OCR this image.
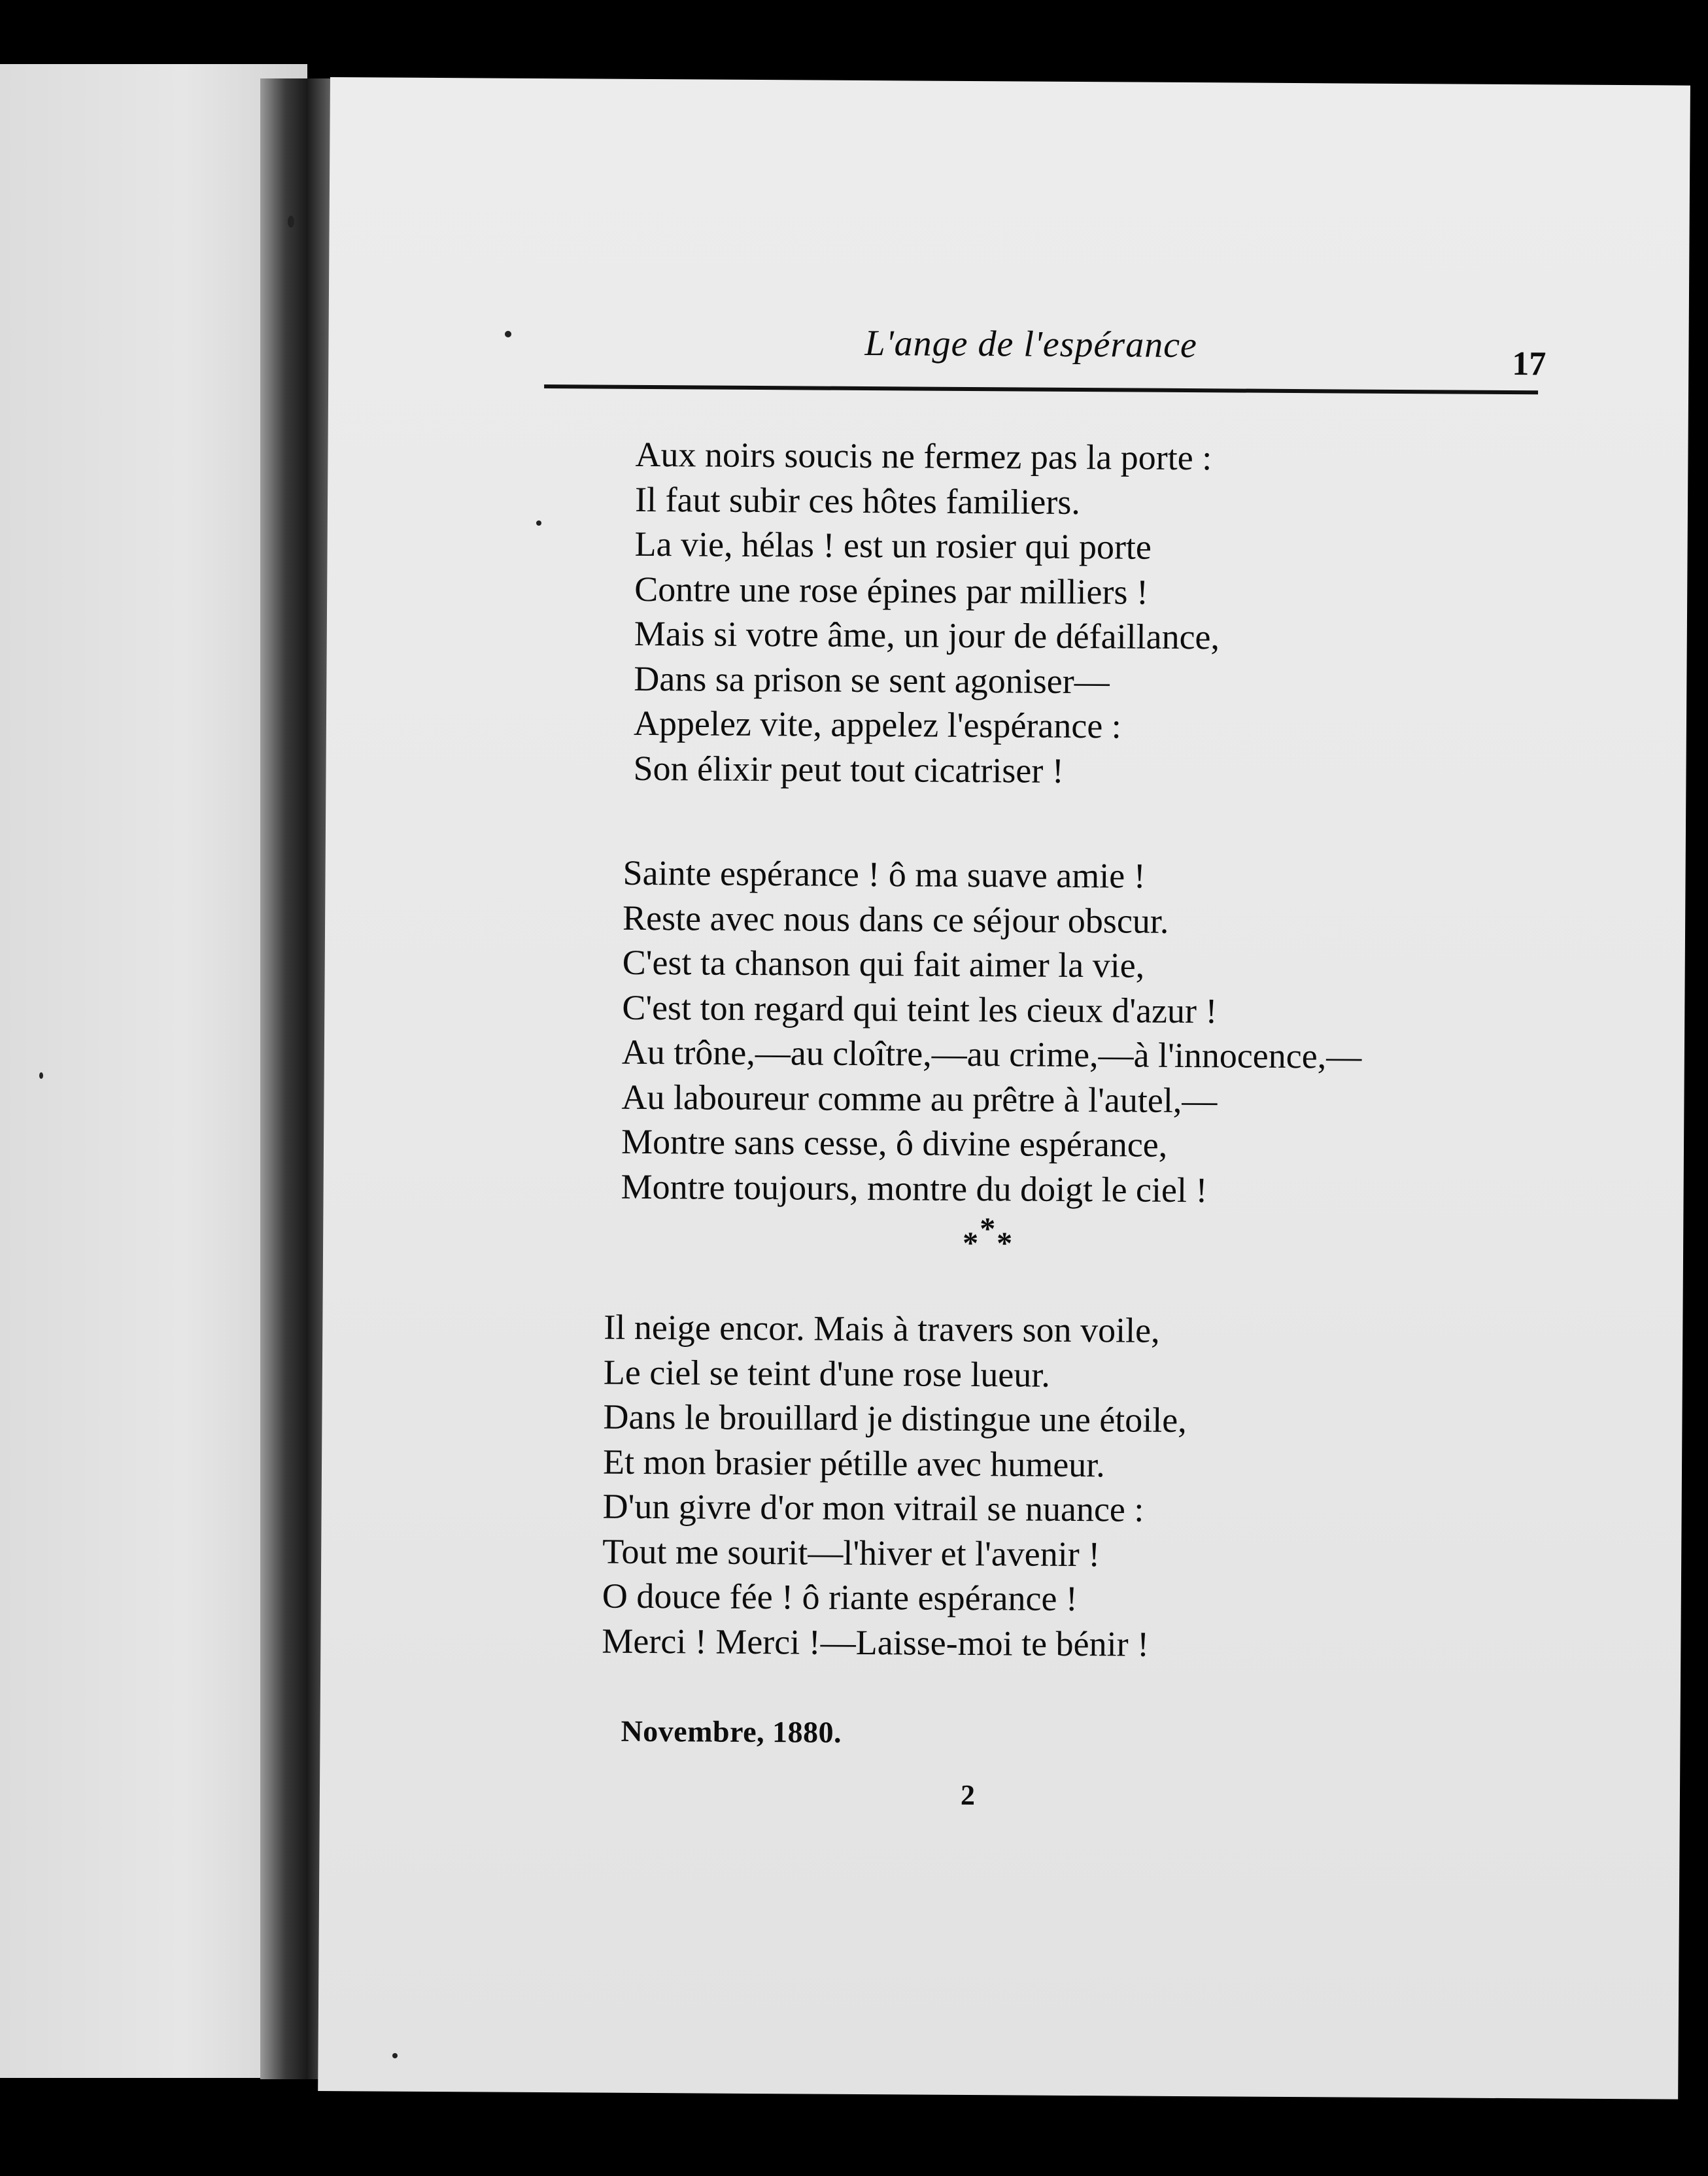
L'ange de l'espérance	17
Aux noirs soucis ne fermez pas la porte :
Il faut subir ces hôtes familiers.
La vie, hélas ! est un rosier qui porte
Contre une rose épines par milliers !
Mais si votre âme, un jour de défaillance,
Dans sa prison se sent agoniser—
Appelez vite, appelez l'espérance :
Son élixir peut tout cicatriser !
Sainte espérance ! ô ma suave amie !
Reste avec nous dans ce séjour obscur.
C'est ta chanson qui fait aimer la vie,
C'est ton regard qui teint les cieux d'azur !
Au trône,—au cloître,—au crime,—à l'innocence,—
Au laboureur comme au prêtre à l'autel,—
Montre sans cesse, ô divine espérance,
Montre toujours, montre du doigt le ciel !
*
* *
Il neige encor. Mais à travers son voile,
Le ciel se teint d'une rose lueur.
Dans le brouillard je distingue une étoile,
Et mon brasier pétille avec humeur.
D'un givre d'or mon vitrail se nuance :
Tout me sourit—l'hiver et l'avenir !
O douce fée ! ô riante espérance !
Merci ! Merci !—Laisse-moi te bénir !
Novembre, 1880.
2
